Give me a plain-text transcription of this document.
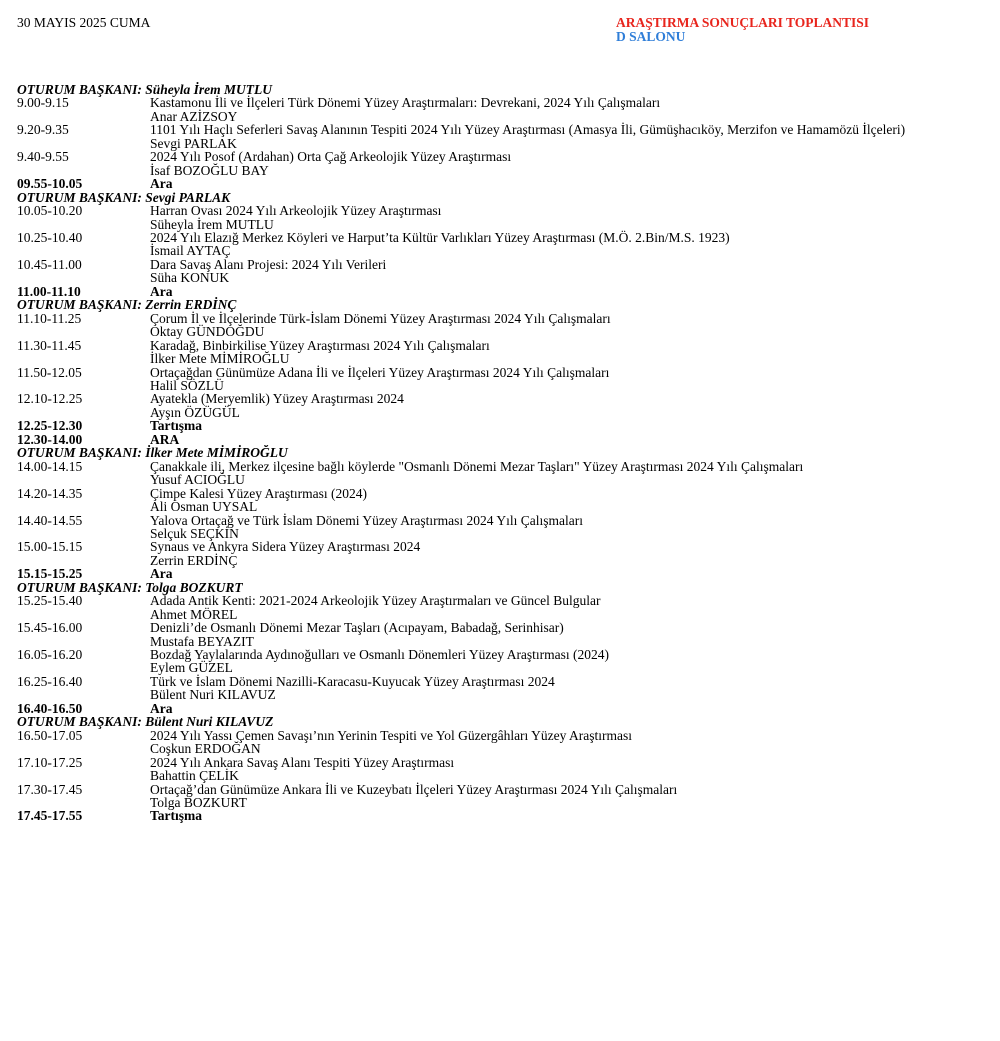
30 MAYIS 2025 CUMA	ARAŞTIRMA SONUÇLARI TOPLANTISI
D SALONU
OTURUM BAŞKANI: Süheyla İrem MUTLU
9.00-9.15	Kastamonu İli ve İlçeleri Türk Dönemi Yüzey Araştırmaları: Devrekani, 2024 Yılı Çalışmaları
Anar AZİZSOY
9.20-9.35	1101 Yılı Haçlı Seferleri Savaş Alanının Tespiti 2024 Yılı Yüzey Araştırması (Amasya İli, Gümüşhacıköy, Merzifon ve Hamamözü İlçeleri)
Sevgi PARLAK
9.40-9.55	2024 Yılı Posof (Ardahan) Orta Çağ Arkeolojik Yüzey Araştırması
İsaf BOZOĞLU BAY
09.55-10.05	Ara
OTURUM BAŞKANI: Sevgi PARLAK
10.05-10.20	Harran Ovası 2024 Yılı Arkeolojik Yüzey Araştırması
Süheyla İrem MUTLU
10.25-10.40	2024 Yılı Elazığ Merkez Köyleri ve Harput’ta Kültür Varlıkları Yüzey Araştırması (M.Ö. 2.Bin/M.S. 1923)
İsmail AYTAÇ
10.45-11.00	Dara Savaş Alanı Projesi: 2024 Yılı Verileri
Süha KONUK
11.00-11.10	Ara
OTURUM BAŞKANI: Zerrin ERDİNÇ
11.10-11.25	Çorum İl ve İlçelerinde Türk-İslam Dönemi Yüzey Araştırması 2024 Yılı Çalışmaları
Oktay GÜNDOĞDU
11.30-11.45	Karadağ, Binbirkilise Yüzey Araştırması 2024 Yılı Çalışmaları
İlker Mete MİMİROĞLU
11.50-12.05	Ortaçağdan Günümüze Adana İli ve İlçeleri Yüzey Araştırması 2024 Yılı Çalışmaları
Halil SÖZLÜ
12.10-12.25	Ayatekla (Meryemlik) Yüzey Araştırması 2024
Ayşın ÖZÜGÜL
12.25-12.30	Tartışma
12.30-14.00	ARA
OTURUM BAŞKANI: İlker Mete MİMİROĞLU
14.00-14.15	Çanakkale ili, Merkez ilçesine bağlı köylerde "Osmanlı Dönemi Mezar Taşları" Yüzey Araştırması 2024 Yılı Çalışmaları
Yusuf ACIOĞLU
14.20-14.35	Çimpe Kalesi Yüzey Araştırması (2024)
Ali Osman UYSAL
14.40-14.55	Yalova Ortaçağ ve Türk İslam Dönemi Yüzey Araştırması 2024 Yılı Çalışmaları
Selçuk SEÇKİN
15.00-15.15	Synaus ve Ankyra Sidera Yüzey Araştırması 2024
Zerrin ERDİNÇ
15.15-15.25	Ara
OTURUM BAŞKANI: Tolga BOZKURT
15.25-15.40	Adada Antik Kenti: 2021-2024 Arkeolojik Yüzey Araştırmaları ve Güncel Bulgular
Ahmet MÖREL
15.45-16.00	Denizli’de Osmanlı Dönemi Mezar Taşları (Acıpayam, Babadağ, Serinhisar)
Mustafa BEYAZIT
16.05-16.20	Bozdağ Yaylalarında Aydınoğulları ve Osmanlı Dönemleri Yüzey Araştırması (2024)
Eylem GÜZEL
16.25-16.40	Türk ve İslam Dönemi Nazilli-Karacasu-Kuyucak Yüzey Araştırması 2024
Bülent Nuri KILAVUZ
16.40-16.50	Ara
OTURUM BAŞKANI: Bülent Nuri KILAVUZ
16.50-17.05	2024 Yılı Yassı Çemen Savaşı’nın Yerinin Tespiti ve Yol Güzergâhları Yüzey Araştırması
Coşkun ERDOĞAN
17.10-17.25	2024 Yılı Ankara Savaş Alanı Tespiti Yüzey Araştırması
Bahattin ÇELİK
17.30-17.45	Ortaçağ’dan Günümüze Ankara İli ve Kuzeybatı İlçeleri Yüzey Araştırması 2024 Yılı Çalışmaları
Tolga BOZKURT
17.45-17.55	Tartışma
